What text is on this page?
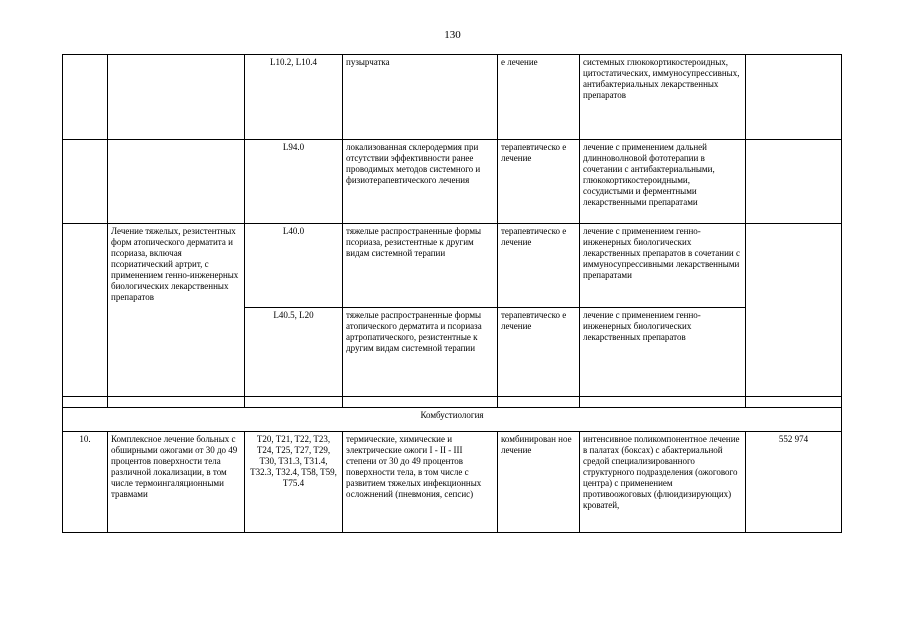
130
		L10.2, L10.4	пузырчатка	е лечение	системных глюкокортикостероидных, цитостатических, иммуносупрессивных, антибактериальных лекарственных препаратов	
		L94.0	локализованная склеродермия при отсутствии эффективности ранее проводимых методов системного и физиотерапевтического лечения	терапевтическо е лечение	лечение с применением дальней длинноволновой фототерапии в сочетании с антибактериальными, глюкокортикостероидными, сосудистыми и ферментными лекарственными препаратами	
	Лечение тяжелых, резистентных форм атопического дерматита и псориаза, включая псориатический артрит, с применением генно-инженерных биологических лекарственных препаратов	L40.0	тяжелые распространенные формы псориаза, резистентные к другим видам системной терапии	терапевтическо е лечение	лечение с применением генно-инженерных биологических лекарственных препаратов в сочетании с иммуносупрессивными лекарственными препаратами	
		L40.5, L20	тяжелые распространенные формы атопического дерматита и псориаза артропатического, резистентные к другим видам системной терапии	терапевтическо е лечение	лечение с применением генно-инженерных биологических лекарственных препаратов	

Комбустиология						
10.	Комплексное лечение больных с обширными ожогами от 30 до 49 процентов поверхности тела различной локализации, в том числе термоингаляционными травмами	T20, T21, T22, T23, T24, T25, T27, T29, T30, T31.3, T31.4, T32.3, T32.4, T58, T59, T75.4	термические, химические и электрические ожоги I - II - III степени от 30 до 49 процентов поверхности тела, в том числе с развитием тяжелых инфекционных осложнений (пневмония, сепсис)	комбинирован ное лечение	интенсивное поликомпонентное лечение в палатах (боксах) с абактериальной средой специализированного структурного подразделения (ожогового центра) с применением противоожоговых (флюидизирующих) кроватей,	552 974
